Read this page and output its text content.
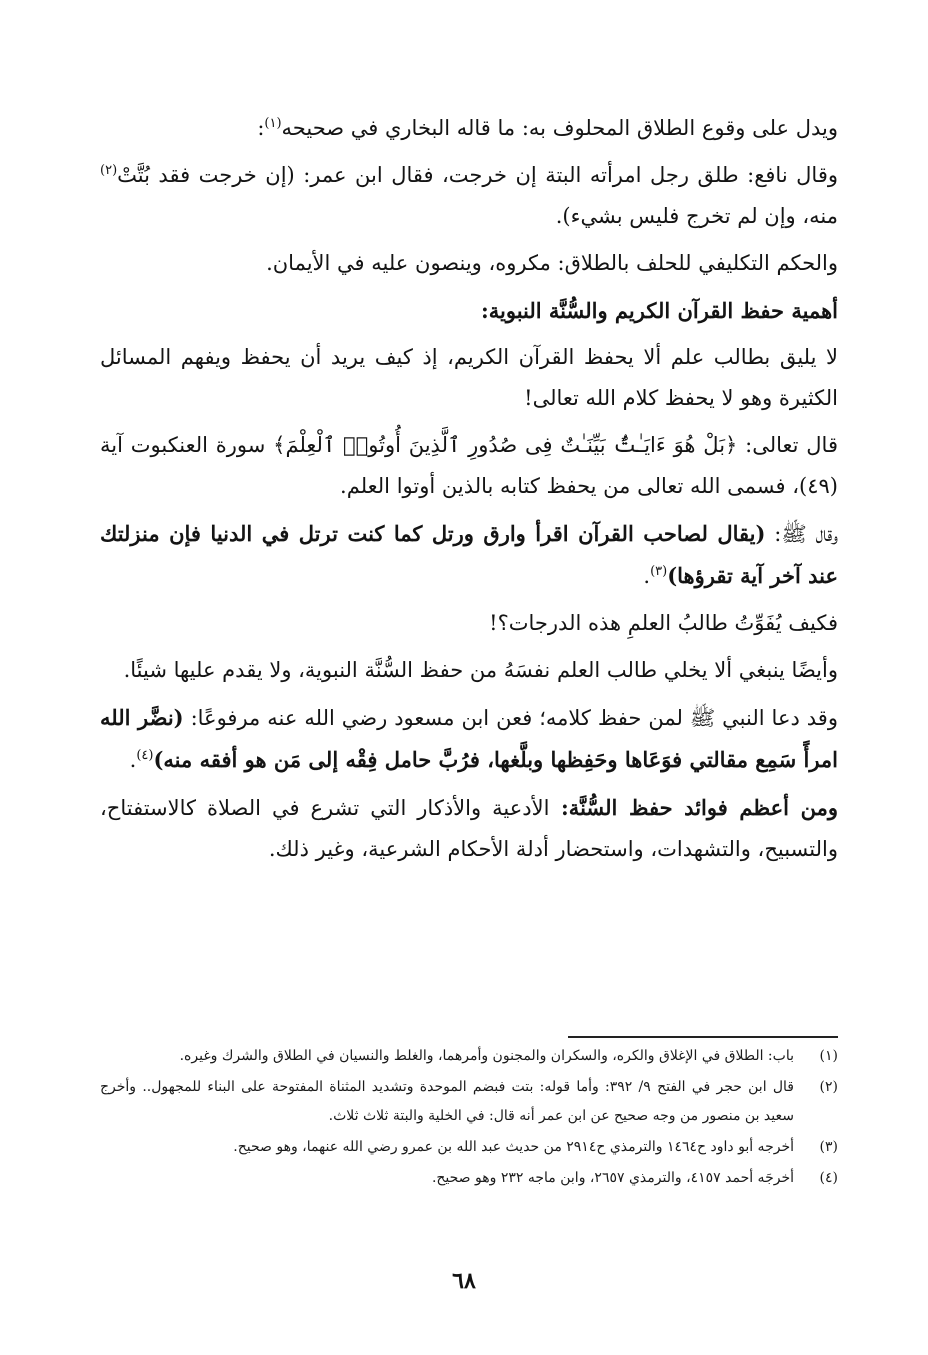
ويدل على وقوع الطلاق المحلوف به: ما قاله البخاري في صحيحه$^{(١)}$:

وقال نافع: طلق رجل امرأته البتة إن خرجت، فقال ابن عمر: (إن خرجت فقد بُتَّتْ$^{(٢)}$ منه، وإن لم تخرج فليس بشيء).

والحكم التكليفي للحلف بالطلاق: مكروه، وينصون عليه في الأيمان.

أهمية حفظ القرآن الكريم والسُّنَّة النبوية:

لا يليق بطالب علم ألا يحفظ القرآن الكريم، إذ كيف يريد أن يحفظ ويفهم المسائل الكثيرة وهو لا يحفظ كلام الله تعالى!

قال تعالى: ﴿بَلْ هُوَ ءَايَـٰتٌۢ بَيِّنَـٰتٌ فِى صُدُورِ ٱلَّذِينَ أُوتُوا۟ ٱلْعِلْمَ﴾ سورة العنكبوت آية (٤٩)، فسمى الله تعالى من يحفظ كتابه بالذين أوتوا العلم.

وقال ﷺ: (يقال لصاحب القرآن اقرأ وارق ورتل كما كنت ترتل في الدنيا فإن منزلتك عند آخر آية تقرؤها)$^{(٣)}$.

فكيف يُفَوِّتُ طالبُ العلمِ هذه الدرجات؟!

وأيضًا ينبغي ألا يخلي طالب العلم نفسَهُ من حفظ السُّنَّة النبوية، ولا يقدم عليها شيئًا.

وقد دعا النبي ﷺ لمن حفظ كلامه؛ فعن ابن مسعود رضي الله عنه مرفوعًا: (نضَّر الله امرأً سَمِع مقالتي فوَعَاها وحَفِظها وبلَّغها، فرُبَّ حامل فِقْه إلى مَن هو أفقه منه)$^{(٤)}$.

ومن أعظم فوائد حفظ السُّنَّة: الأدعية والأذكار التي تشرع في الصلاة كالاستفتاح، والتسبيح، والتشهدات، واستحضار أدلة الأحكام الشرعية، وغير ذلك.

(١)
باب: الطلاق في الإغلاق والكره، والسكران والمجنون وأمرهما، والغلط والنسيان في الطلاق والشرك وغيره.
(٢)
قال ابن حجر في الفتح ٩/ ٣٩٢: وأما قوله: بتت فبضم الموحدة وتشديد المثناة المفتوحة على البناء للمجهول.. وأخرج سعيد بن منصور من وجه صحيح عن ابن عمر أنه قال: في الخلية والبتة ثلاث ثلاث.
(٣)
أخرجه أبو داود ح١٤٦٤ والترمذي ح٢٩١٤ من حديث عبد الله بن عمرو رضي الله عنهما، وهو صحيح.
(٤)
أخرجَه أحمد ٤١٥٧، والترمذي ٢٦٥٧، وابن ماجه ٢٣٢ وهو صحيح.
٦٨
